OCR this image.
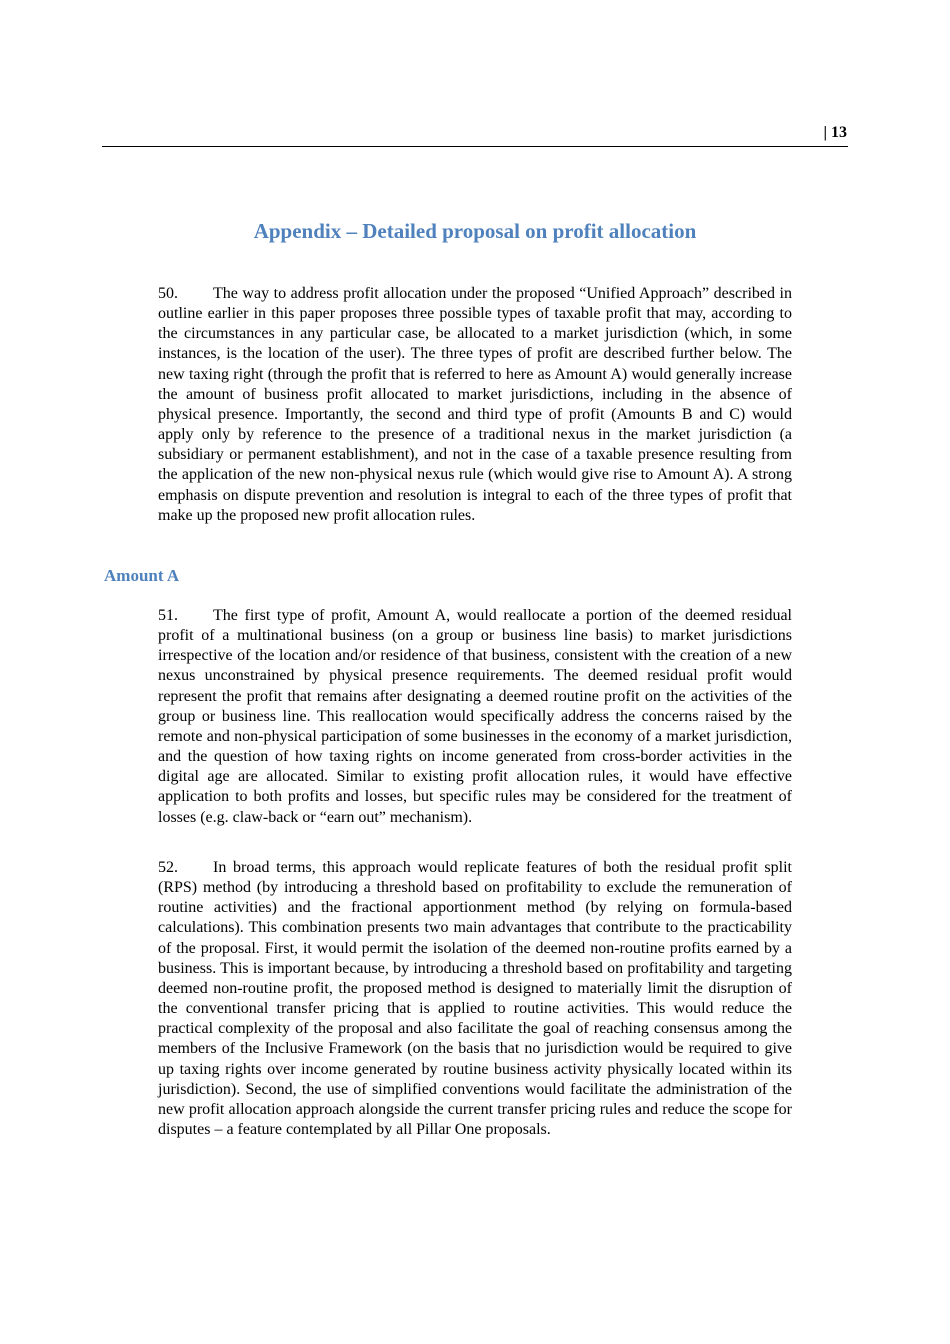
| 13
Appendix – Detailed proposal on profit allocation

50. The way to address profit allocation under the proposed “Unified Approach” described in outline earlier in this paper proposes three possible types of taxable profit that may, according to the circumstances in any particular case, be allocated to a market jurisdiction (which, in some instances, is the location of the user). The three types of profit are described further below. The new taxing right (through the profit that is referred to here as Amount A) would generally increase the amount of business profit allocated to market jurisdictions, including in the absence of physical presence. Importantly, the second and third type of profit (Amounts B and C) would apply only by reference to the presence of a traditional nexus in the market jurisdiction (a subsidiary or permanent establishment), and not in the case of a taxable presence resulting from the application of the new non-physical nexus rule (which would give rise to Amount A). A strong emphasis on dispute prevention and resolution is integral to each of the three types of profit that make up the proposed new profit allocation rules.

Amount A

51. The first type of profit, Amount A, would reallocate a portion of the deemed residual profit of a multinational business (on a group or business line basis) to market jurisdictions irrespective of the location and/or residence of that business, consistent with the creation of a new nexus unconstrained by physical presence requirements. The deemed residual profit would represent the profit that remains after designating a deemed routine profit on the activities of the group or business line. This reallocation would specifically address the concerns raised by the remote and non-physical participation of some businesses in the economy of a market jurisdiction, and the question of how taxing rights on income generated from cross-border activities in the digital age are allocated. Similar to existing profit allocation rules, it would have effective application to both profits and losses, but specific rules may be considered for the treatment of losses (e.g. claw-back or “earn out” mechanism).

52. In broad terms, this approach would replicate features of both the residual profit split (RPS) method (by introducing a threshold based on profitability to exclude the remuneration of routine activities) and the fractional apportionment method (by relying on formula-based calculations). This combination presents two main advantages that contribute to the practicability of the proposal. First, it would permit the isolation of the deemed non-routine profits earned by a business. This is important because, by introducing a threshold based on profitability and targeting deemed non-routine profit, the proposed method is designed to materially limit the disruption of the conventional transfer pricing that is applied to routine activities. This would reduce the practical complexity of the proposal and also facilitate the goal of reaching consensus among the members of the Inclusive Framework (on the basis that no jurisdiction would be required to give up taxing rights over income generated by routine business activity physically located within its jurisdiction). Second, the use of simplified conventions would facilitate the administration of the new profit allocation approach alongside the current transfer pricing rules and reduce the scope for disputes – a feature contemplated by all Pillar One proposals.
